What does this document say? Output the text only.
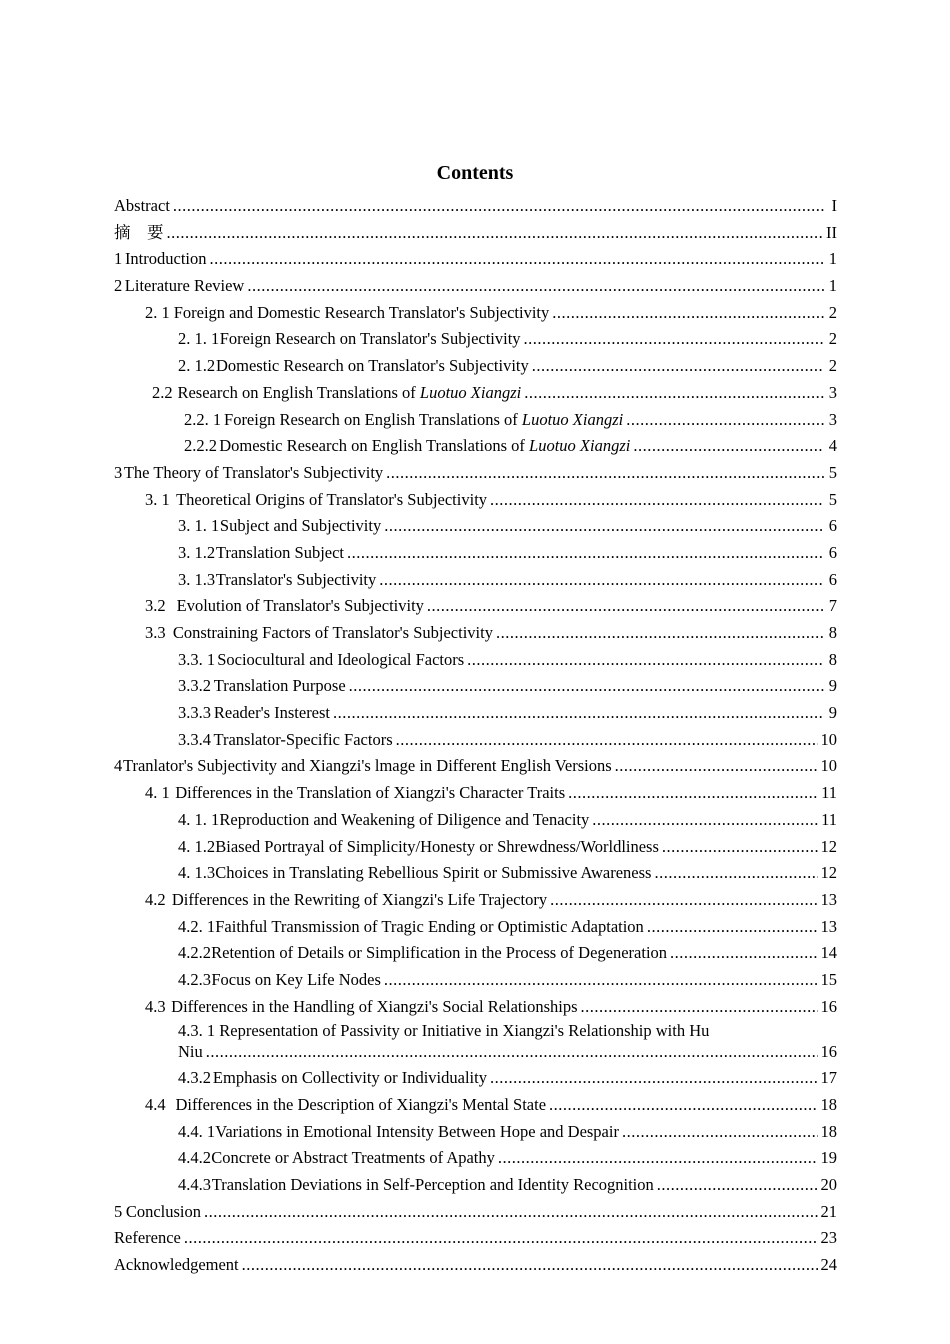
Contents
Abstract .....	I
摘　要 .....	II
1 Introduction .....	1
2 Literature Review .....	1
2. 1 Foreign and Domestic Research Translator's Subjectivity .....	2
2. 1. 1 Foreign Research on Translator's Subjectivity .....	2
2. 1.2 Domestic Research on Translator's Subjectivity .....	2
2.2 Research on English Translations of Luotuo Xiangzi .....	3
2.2. 1 Foreign Research on English Translations of Luotuo Xiangzi .....	3
2.2.2 Domestic Research on English Translations of Luotuo Xiangzi .....	4
3 The Theory of Translator's Subjectivity .....	5
3. 1 Theoretical Origins of Translator's Subjectivity .....	5
3. 1. 1 Subject and Subjectivity .....	6
3. 1.2 Translation Subject .....	6
3. 1.3 Translator's Subjectivity .....	6
3.2 Evolution of Translator's Subjectivity .....	7
3.3 Constraining Factors of Translator's Subjectivity .....	8
3.3. 1 Sociocultural and Ideological Factors .....	8
3.3.2 Translation Purpose .....	9
3.3.3 Reader's Insterest .....	9
3.3.4 Translator-Specific Factors .....	10
4 Tranlator's Subjectivity and Xiangzi's lmage in Different English Versions .....	10
4. 1 Differences in the Translation of Xiangzi's Character Traits .....	11
4. 1. 1 Reproduction and Weakening of Diligence and Tenacity .....	11
4. 1.2 Biased Portrayal of Simplicity/Honesty or Shrewdness/Worldliness .....	12
4. 1.3 Choices in Translating Rebellious Spirit or Submissive Awareness .....	12
4.2 Differences in the Rewriting of Xiangzi's Life Trajectory .....	13
4.2. 1 Faithful Transmission of Tragic Ending or Optimistic Adaptation .....	13
4.2.2 Retention of Details or Simplification in the Process of Degeneration .....	14
4.2.3 Focus on Key Life Nodes .....	15
4.3 Differences in the Handling of Xiangzi's Social Relationships .....	16
4.3. 1 Representation of Passivity or Initiative in Xiangzi's Relationship with Hu
Niu .....	16
4.3.2 Emphasis on Collectivity or Individuality .....	17
4.4 Differences in the Description of Xiangzi's Mental State .....	18
4.4. 1 Variations in Emotional Intensity Between Hope and Despair .....	18
4.4.2 Concrete or Abstract Treatments of Apathy .....	19
4.4.3 Translation Deviations in Self-Perception and Identity Recognition .....	20
5 Conclusion .....	21
Reference .....	23
Acknowledgement .....	24
